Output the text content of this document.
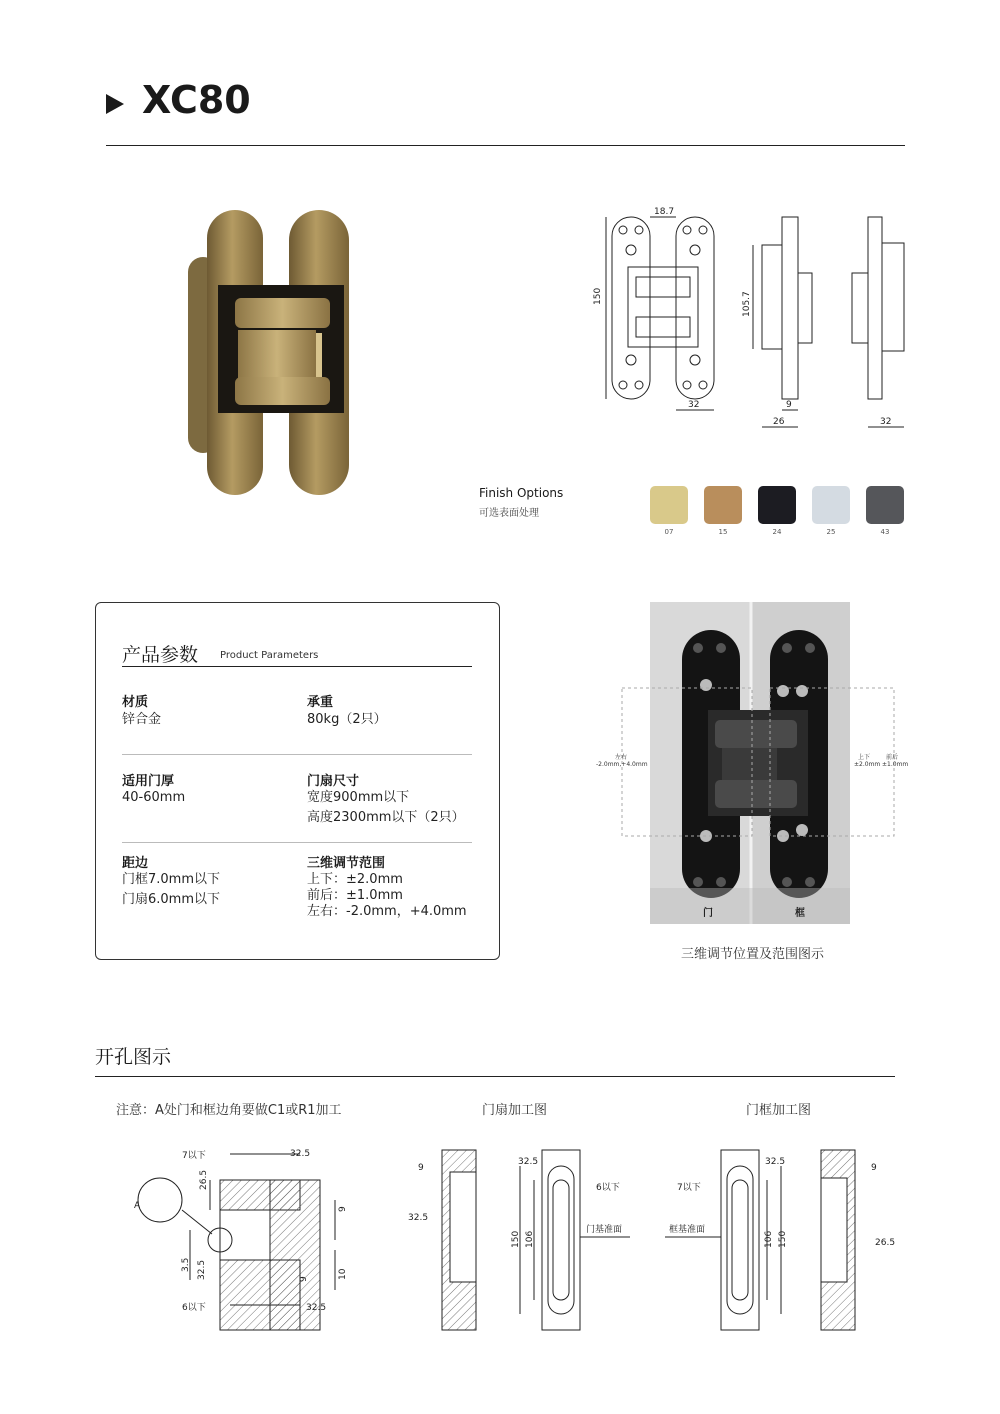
XC80
18.7
150
32
105.7
9
26	32
Finish Options
可选表面处理
07	15	24	25	43
产品参数 Product Parameters
材质
锌合金
承重
80kg（2只）
适用门厚
40-60mm
门扇尺寸
宽度900mm以下
高度2300mm以下（2只）
距边
门框7.0mm以下
门扇6.0mm以下
三维调节范围
上下：±2.0mm
前后：±1.0mm
左右：-2.0mm，+4.0mm
左右
-2.0mm,+4.0mm
上下
±2.0mm
前后
±1.0mm
门	框
三维调节位置及范围图示
开孔图示
注意：A处门和框边角要做C1或R1加工	门扇加工图	门框加工图
7以下	32.5
26.5
A
3.5 32.5
9
9	10
6以下	32.5
9
32.5
32.5
6以下
150 106
门基准面
32.5
7以下
框基准面
106 150
9
26.5
